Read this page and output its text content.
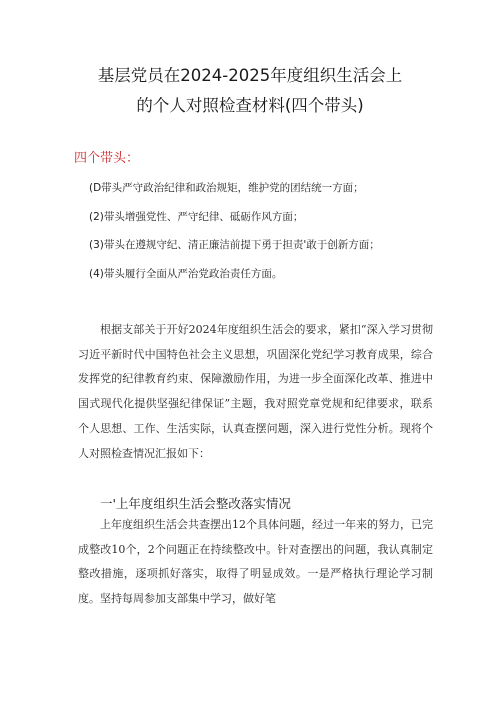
基层党员在2024-2025年度组织生活会上
的个人对照检查材料(四个带头)
四个带头：
(D带头严守政治纪律和政治规矩，维护党的团结统一方面；
(2)带头增强党性、严守纪律、砥砺作风方面；
(3)带头在遵规守纪、清正廉洁前提下勇于担责'敢于创新方面；
(4)带头履行全面从严治党政治责任方面。
根据支部关于开好2024年度组织生活会的要求，紧扣“深入学习贯彻习近平新时代中国特色社会主义思想，巩固深化党纪学习教育成果，综合发挥党的纪律教育约束、保障激励作用，为进一步全面深化改革、推进中国式现代化提供坚强纪律保证”主题，我对照党章党规和纪律要求，联系个人思想、工作、生活实际，认真查摆问题，深入进行党性分析。现将个人对照检查情况汇报如下：
一'上年度组织生活会整改落实情况
上年度组织生活会共查摆出12个具体问题，经过一年来的努力，已完成整改10个，2个问题正在持续整改中。针对查摆出的问题，我认真制定整改措施，逐项抓好落实，取得了明显成效。一是严格执行理论学习制度。坚持每周参加支部集中学习，做好笔
